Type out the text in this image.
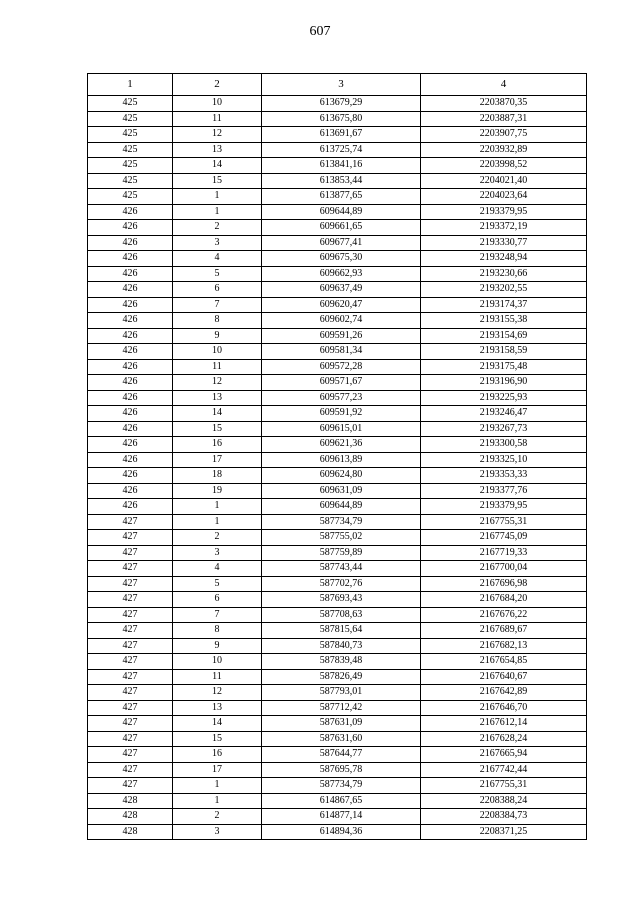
607
1	2	3	4
425	10	613679,29	2203870,35
425	11	613675,80	2203887,31
425	12	613691,67	2203907,75
425	13	613725,74	2203932,89
425	14	613841,16	2203998,52
425	15	613853,44	2204021,40
425	1	613877,65	2204023,64
426	1	609644,89	2193379,95
426	2	609661,65	2193372,19
426	3	609677,41	2193330,77
426	4	609675,30	2193248,94
426	5	609662,93	2193230,66
426	6	609637,49	2193202,55
426	7	609620,47	2193174,37
426	8	609602,74	2193155,38
426	9	609591,26	2193154,69
426	10	609581,34	2193158,59
426	11	609572,28	2193175,48
426	12	609571,67	2193196,90
426	13	609577,23	2193225,93
426	14	609591,92	2193246,47
426	15	609615,01	2193267,73
426	16	609621,36	2193300,58
426	17	609613,89	2193325,10
426	18	609624,80	2193353,33
426	19	609631,09	2193377,76
426	1	609644,89	2193379,95
427	1	587734,79	2167755,31
427	2	587755,02	2167745,09
427	3	587759,89	2167719,33
427	4	587743,44	2167700,04
427	5	587702,76	2167696,98
427	6	587693,43	2167684,20
427	7	587708,63	2167676,22
427	8	587815,64	2167689,67
427	9	587840,73	2167682,13
427	10	587839,48	2167654,85
427	11	587826,49	2167640,67
427	12	587793,01	2167642,89
427	13	587712,42	2167646,70
427	14	587631,09	2167612,14
427	15	587631,60	2167628,24
427	16	587644,77	2167665,94
427	17	587695,78	2167742,44
427	1	587734,79	2167755,31
428	1	614867,65	2208388,24
428	2	614877,14	2208384,73
428	3	614894,36	2208371,25
